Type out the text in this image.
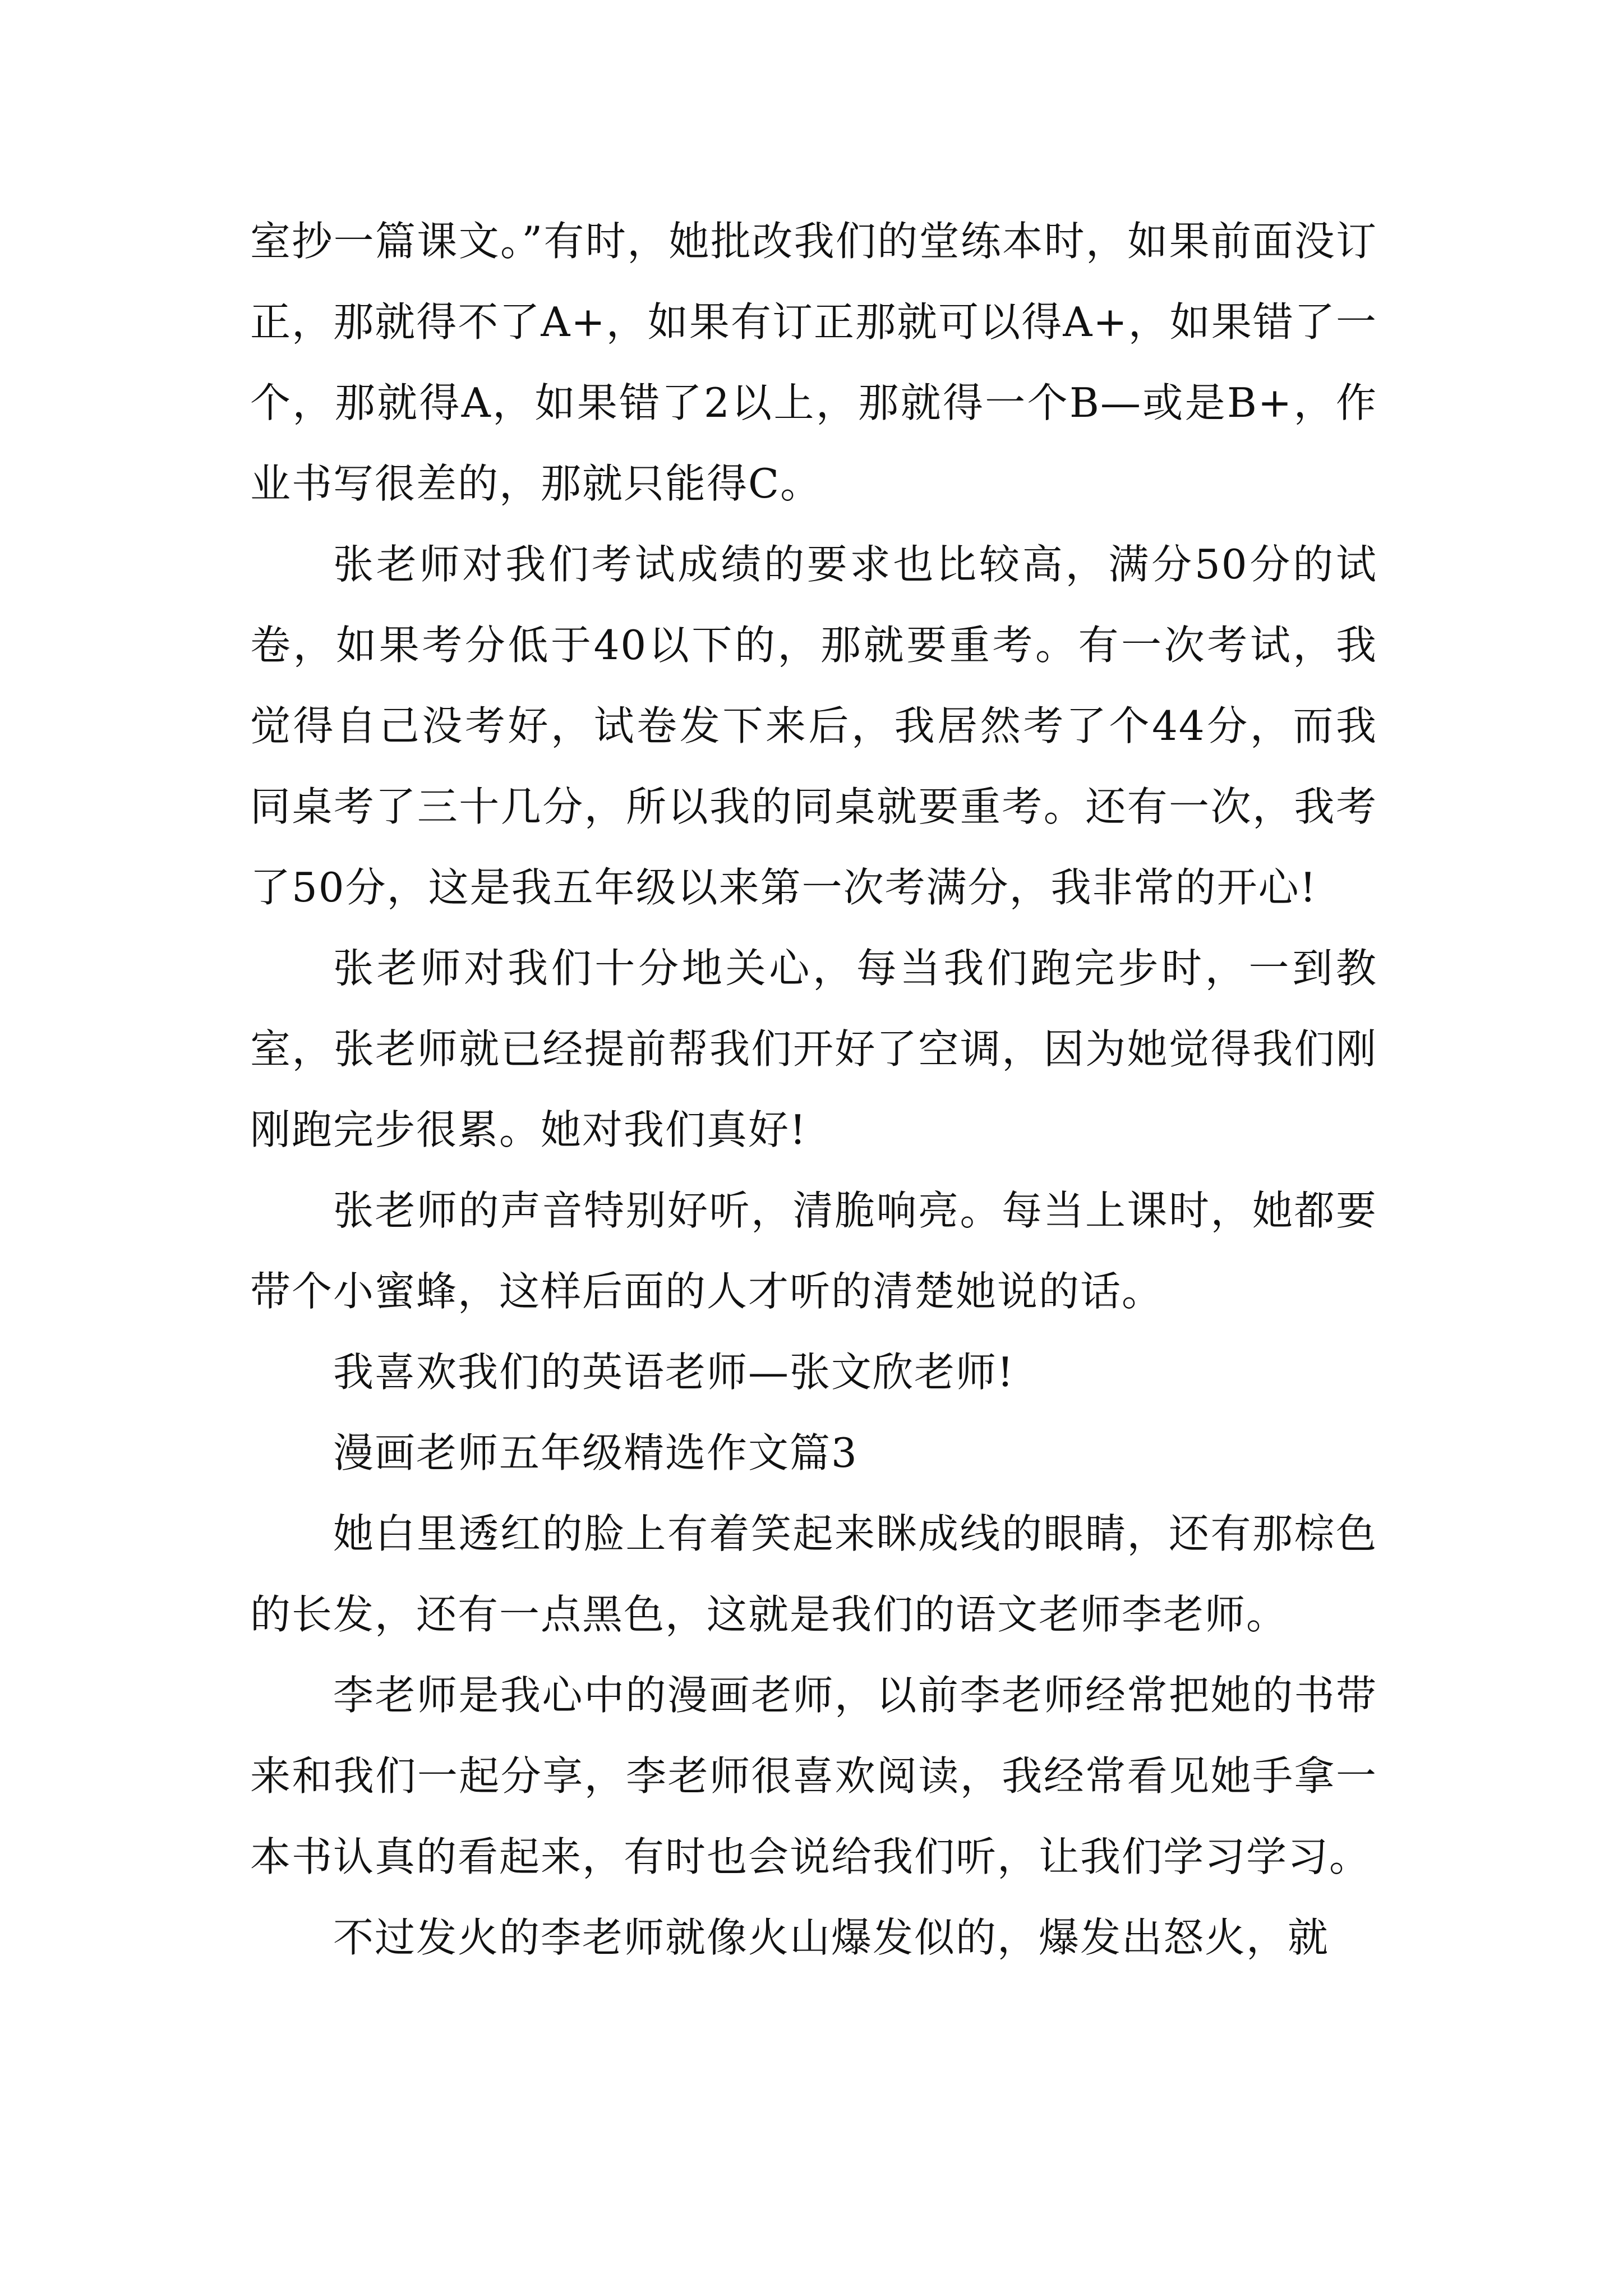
室抄一篇课文。”有时，她批改我们的堂练本时，如果前面没订正，那就得不了A+，如果有订正那就可以得A+，如果错了一个，那就得A，如果错了2以上，那就得一个B—或是B+，作业书写很差的，那就只能得C。

张老师对我们考试成绩的要求也比较高，满分50分的试卷，如果考分低于40以下的，那就要重考。有一次考试，我觉得自己没考好，试卷发下来后，我居然考了个44分，而我同桌考了三十几分，所以我的同桌就要重考。还有一次，我考了50分，这是我五年级以来第一次考满分，我非常的开心!

张老师对我们十分地关心，每当我们跑完步时，一到教室，张老师就已经提前帮我们开好了空调，因为她觉得我们刚刚跑完步很累。她对我们真好!

张老师的声音特别好听，清脆响亮。每当上课时，她都要带个小蜜蜂，这样后面的人才听的清楚她说的话。

我喜欢我们的英语老师—张文欣老师!

漫画老师五年级精选作文篇3

她白里透红的脸上有着笑起来眯成线的眼睛，还有那棕色的长发，还有一点黑色，这就是我们的语文老师李老师。

李老师是我心中的漫画老师，以前李老师经常把她的书带来和我们一起分享，李老师很喜欢阅读，我经常看见她手拿一本书认真的看起来，有时也会说给我们听，让我们学习学习。

不过发火的李老师就像火山爆发似的，爆发出怒火，就
